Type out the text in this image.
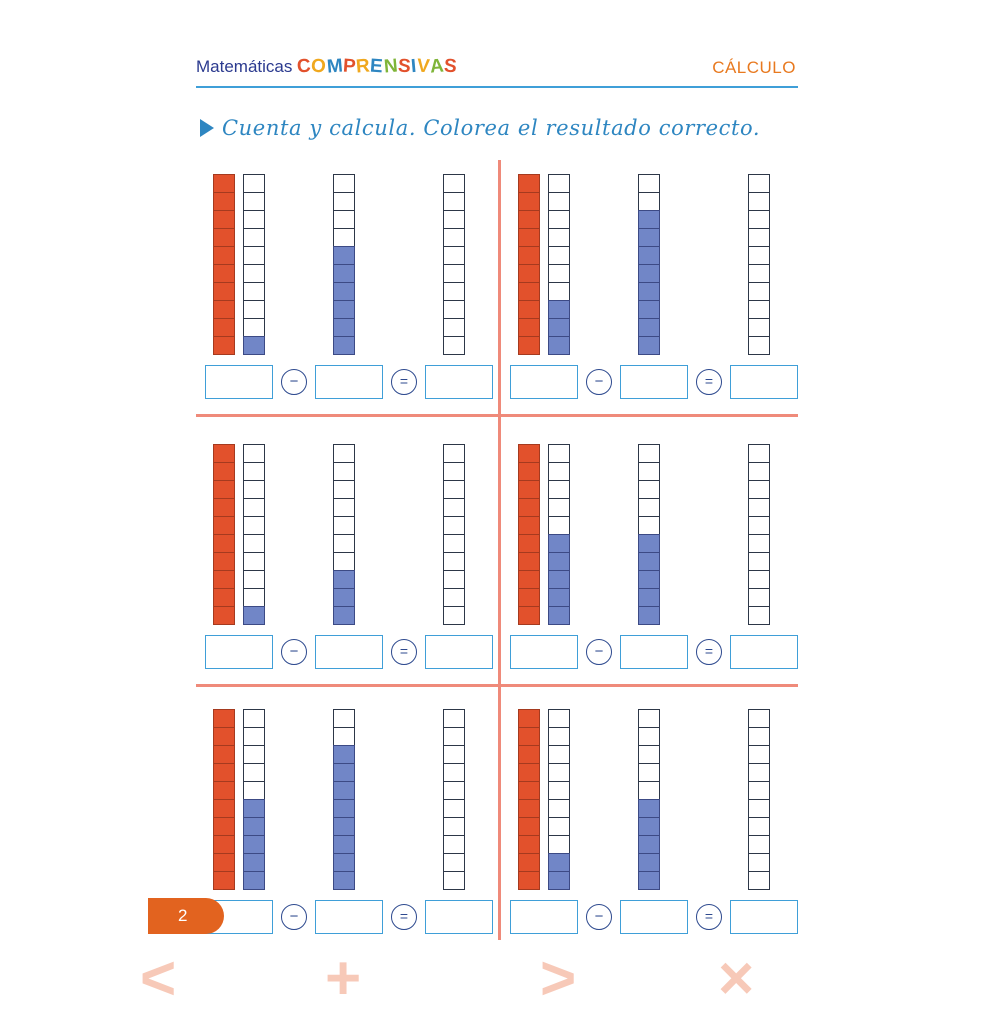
Matemáticas COMPRENSIVAS	CÁLCULO
Cuenta y calcula. Colorea el resultado correcto.
−	=	−	=
−	=	−	=
−	=	−	=
2
< +	> ×
